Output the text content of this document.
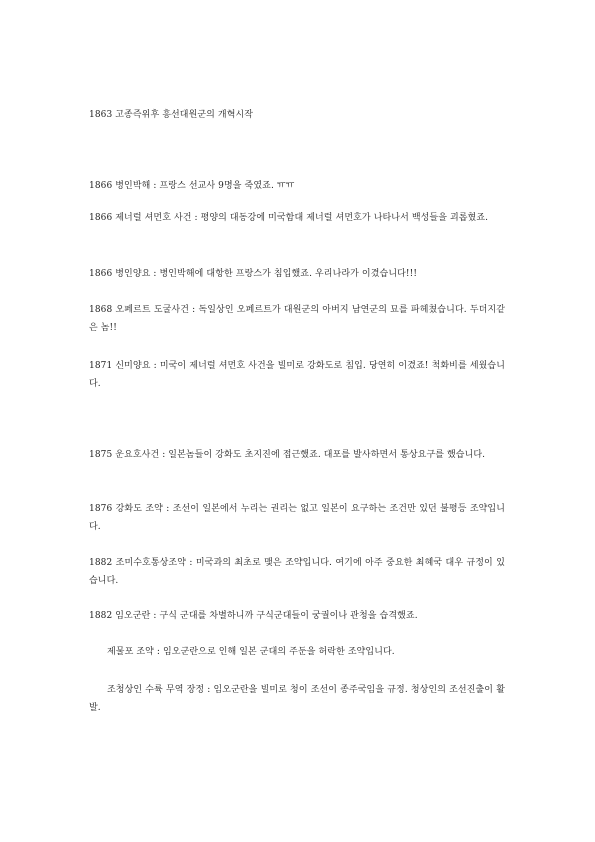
1863 고종즉위후 흥선대원군의 개혁시작

1866 병인박해 : 프랑스 선교사 9명을 죽였죠. ㅠㅠ

1866 제너럴 셔먼호 사건 : 평양의 대동강에 미국함대 제너럴 셔먼호가 나타나서 백성들을 괴롭혔죠.

1866 병인양요 : 병인박해에 대항한 프랑스가 침입했죠. 우리나라가 이겼습니다!!!

1868 오페르트 도굴사건 : 독일상인 오페르트가 대원군의 아버지 남연군의 묘를 파헤쳤습니다. 두더지같은 놈!!

1871 신미양요 : 미국이 제너럴 셔먼호 사건을 빌미로 강화도로 침입. 당연히 이겼죠! 척화비를 세웠습니다.

1875 운요호사건 : 일본놈들이 강화도 초지진에 접근했죠. 대포를 발사하면서 통상요구를 했습니다.

1876 강화도 조약 : 조선이 일본에서 누리는 권리는 없고 일본이 요구하는 조건만 있던 불평등 조약입니다.

1882 조미수호통상조약 : 미국과의 최초로 맺은 조약입니다. 여기에 아주 중요한 최혜국 대우 규정이 있습니다.

1882 임오군란 : 구식 군대를 차별하니까 구식군대들이 궁궐이나 관청을 습격했죠.

제물포 조약 : 임오군란으로 인해 일본 군대의 주둔을 허락한 조약입니다.

조청상인 수륙 무역 장정 : 임오군란을 빌미로 청이 조선이 종주국임을 규정. 청상인의 조선진출이 활발.
